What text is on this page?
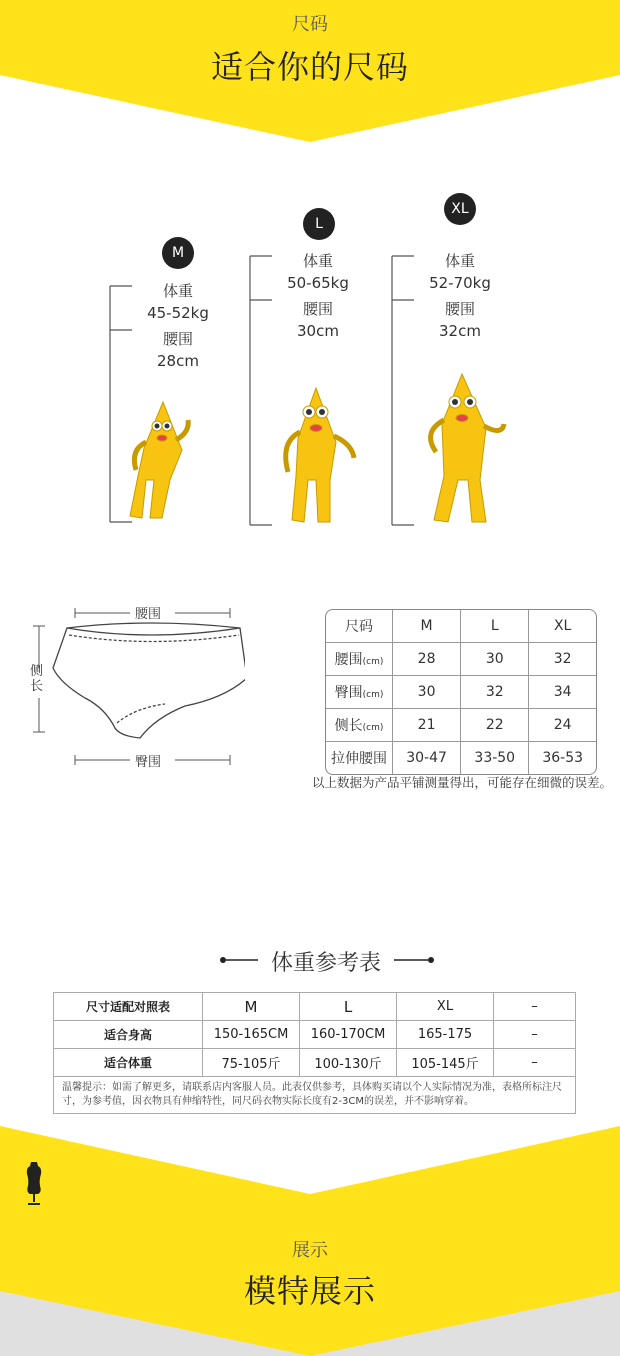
尺码
适合你的尺码
M
体重
45-52kg
腰围
28cm
L
体重
50-65kg
腰围
30cm
XL
体重
52-70kg
腰围
32cm
腰围
臀围
侧长
尺码	M	L	XL
腰围(cm)	28	30	32
臀围(cm)	30	32	34
侧长(cm)	21	22	24
拉伸腰围	30-47	33-50	36-53
以上数据为产品平铺测量得出，可能存在细微的误差。
体重参考表
尺寸适配对照表	M	L	XL	–
适合身高	150-165CM	160-170CM	165-175	–
适合体重	75-105斤	100-130斤	105-145斤	–
温馨提示：如需了解更多，请联系店内客服人员。此表仅供参考，具体购买请以个人实际情况为准，表格所标注尺寸，为参考值，因衣物具有伸缩特性，同尺码衣物实际长度有2-3CM的误差，并不影响穿着。				
展示
模特展示
